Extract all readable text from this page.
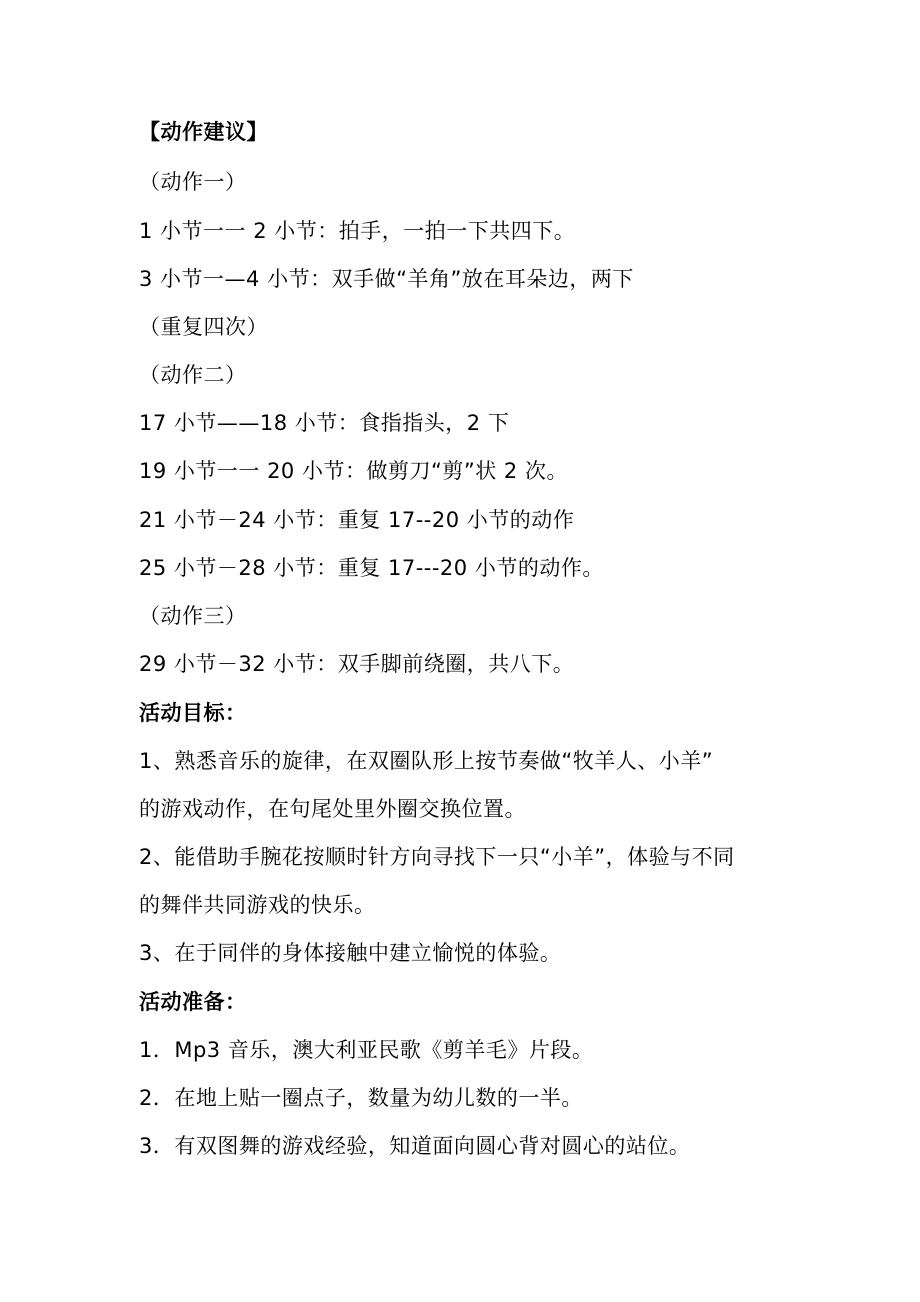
【动作建议】
（动作一）
1 小节一一 2 小节：拍手，一拍一下共四下。
3 小节一—4 小节：双手做“羊角”放在耳朵边，两下
（重复四次）
（动作二）
17 小节——18 小节：食指指头，2 下
19 小节一一 20 小节：做剪刀“剪”状 2 次。
21 小节－24 小节：重复 17--20 小节的动作
25 小节－28 小节：重复 17---20 小节的动作。
（动作三）
29 小节－32 小节：双手脚前绕圈，共八下。
活动目标：
1、熟悉音乐的旋律，在双圈队形上按节奏做“牧羊人、小羊”
的游戏动作，在句尾处里外圈交换位置。
2、能借助手腕花按顺时针方向寻找下一只“小羊”，体验与不同
的舞伴共同游戏的快乐。
3、在于同伴的身体接触中建立愉悦的体验。
活动准备：
1．Mp3 音乐，澳大利亚民歌《剪羊毛》片段。
2．在地上贴一圈点子，数量为幼儿数的一半。
3．有双图舞的游戏经验，知道面向圆心背对圆心的站位。
